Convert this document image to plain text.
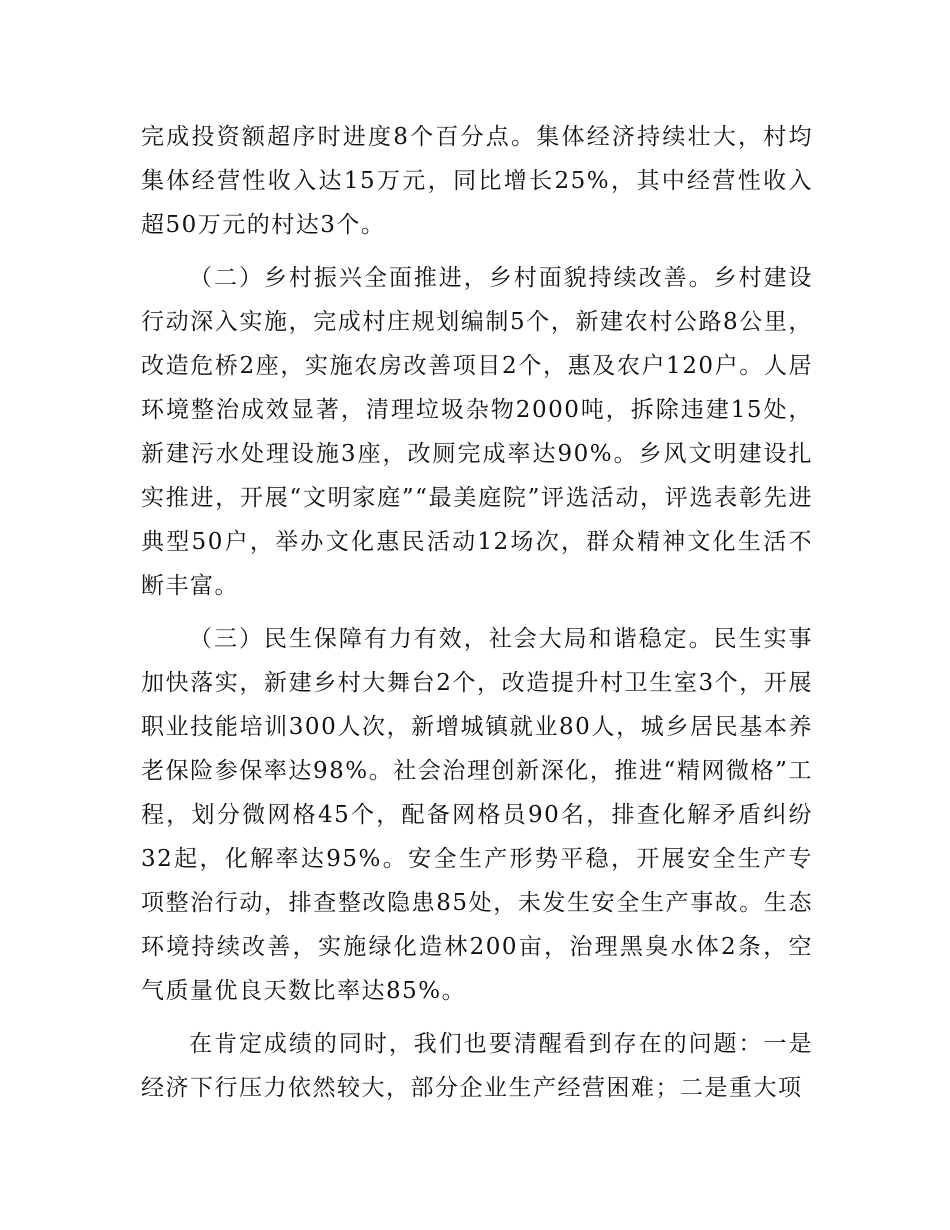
完成投资额超序时进度8个百分点。集体经济持续壮大，村均集体经营性收入达15万元，同比增长25%，其中经营性收入超50万元的村达3个。

（二）乡村振兴全面推进，乡村面貌持续改善。乡村建设行动深入实施，完成村庄规划编制5个，新建农村公路8公里，改造危桥2座，实施农房改善项目2个，惠及农户120户。人居环境整治成效显著，清理垃圾杂物2000吨，拆除违建15处，新建污水处理设施3座，改厕完成率达90%。乡风文明建设扎实推进，开展“文明家庭”“最美庭院”评选活动，评选表彰先进典型50户，举办文化惠民活动12场次，群众精神文化生活不断丰富。

（三）民生保障有力有效，社会大局和谐稳定。民生实事加快落实，新建乡村大舞台2个，改造提升村卫生室3个，开展职业技能培训300人次，新增城镇就业80人，城乡居民基本养老保险参保率达98%。社会治理创新深化，推进“精网微格”工程，划分微网格45个，配备网格员90名，排查化解矛盾纠纷32起，化解率达95%。安全生产形势平稳，开展安全生产专项整治行动，排查整改隐患85处，未发生安全生产事故。生态环境持续改善，实施绿化造林200亩，治理黑臭水体2条，空气质量优良天数比率达85%。

在肯定成绩的同时，我们也要清醒看到存在的问题：一是经济下行压力依然较大，部分企业生产经营困难；二是重大项
